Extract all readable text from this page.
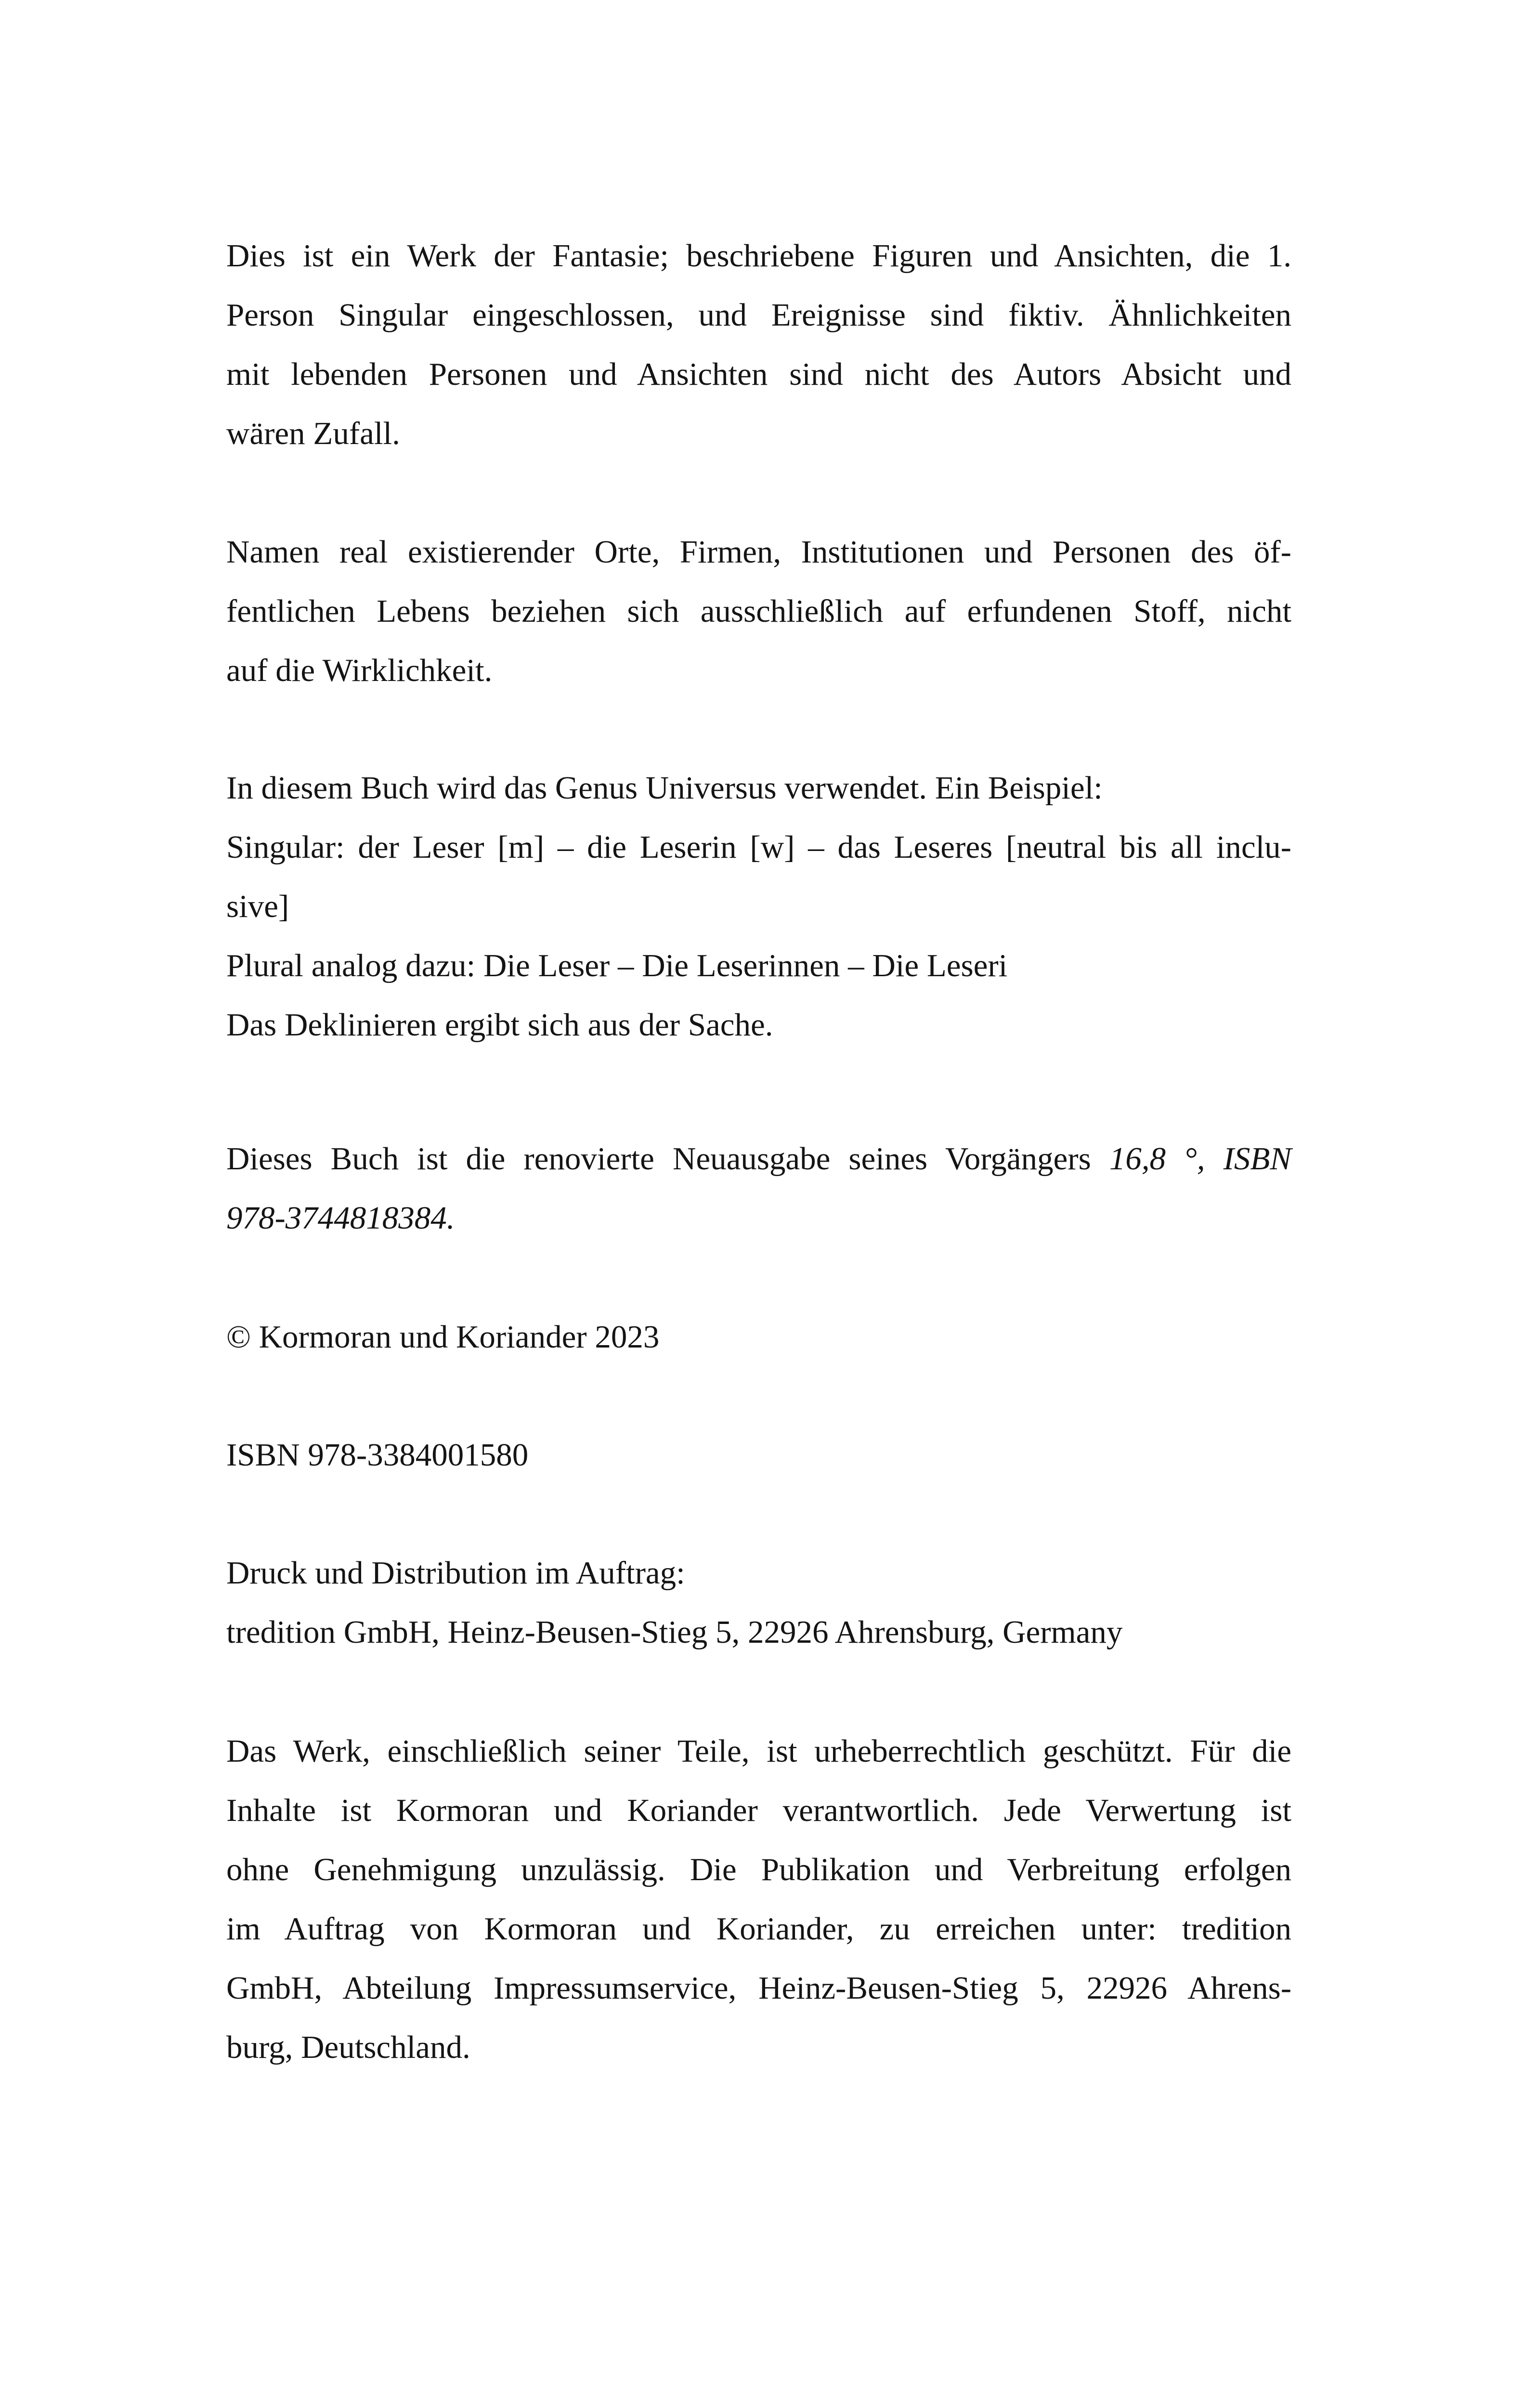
Dies ist ein Werk der Fantasie; beschriebene Figuren und Ansichten, die 1.
Person Singular eingeschlossen, und Ereignisse sind fiktiv. Ähnlichkeiten
mit lebenden Personen und Ansichten sind nicht des Autors Absicht und
wären Zufall.
Namen real existierender Orte, Firmen, Institutionen und Personen des öf-
fentlichen Lebens beziehen sich ausschließlich auf erfundenen Stoff, nicht
auf die Wirklichkeit.
In diesem Buch wird das Genus Universus verwendet. Ein Beispiel:
Singular: der Leser [m] – die Leserin [w] – das Leseres [neutral bis all inclu-
sive]
Plural analog dazu: Die Leser – Die Leserinnen – Die Leseri
Das Deklinieren ergibt sich aus der Sache.
Dieses Buch ist die renovierte Neuausgabe seines Vorgängers 16,8 °, ISBN
978-3744818384.
© Kormoran und Koriander 2023
ISBN 978-3384001580
Druck und Distribution im Auftrag:
tredition GmbH, Heinz-Beusen-Stieg 5, 22926 Ahrensburg, Germany
Das Werk, einschließlich seiner Teile, ist urheberrechtlich geschützt. Für die
Inhalte ist Kormoran und Koriander verantwortlich. Jede Verwertung ist
ohne Genehmigung unzulässig. Die Publikation und Verbreitung erfolgen
im Auftrag von Kormoran und Koriander, zu erreichen unter: tredition
GmbH, Abteilung Impressumservice, Heinz-Beusen-Stieg 5, 22926 Ahrens-
burg, Deutschland.
